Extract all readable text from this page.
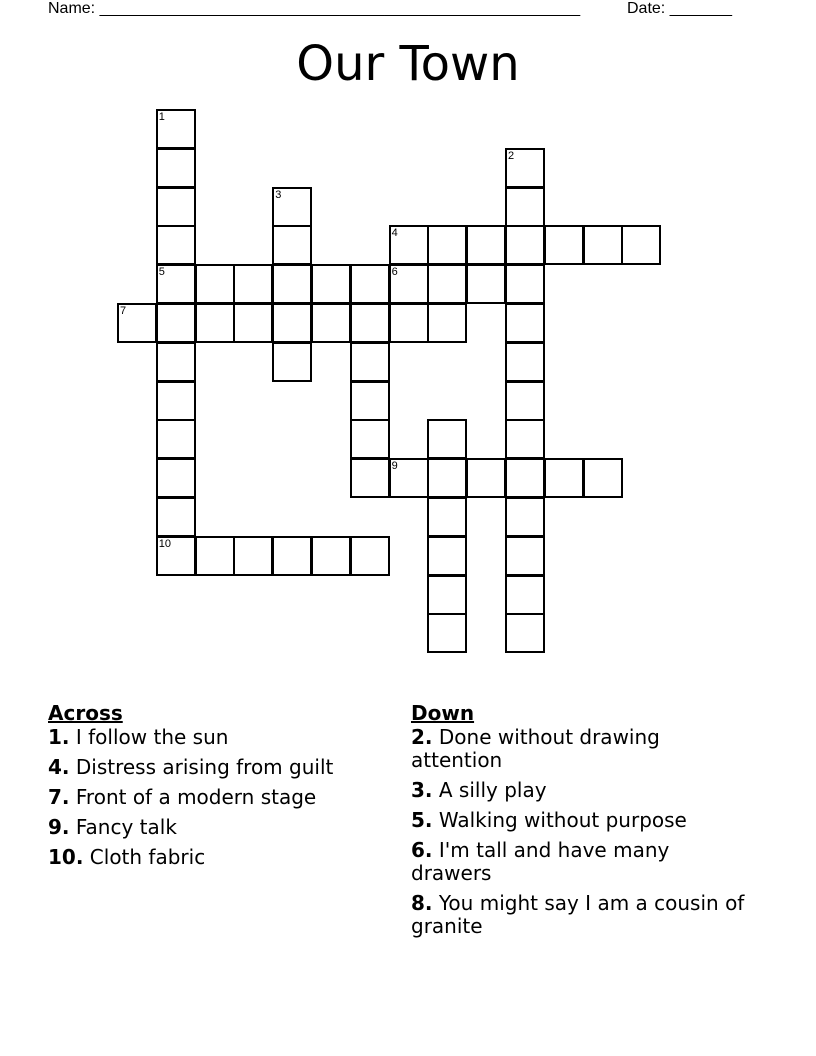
Name: ______________________________________________________	Date: _______
Our Town
1
5
2
3
4
6
10
7
9
Across
1. I follow the sun
4. Distress arising from guilt
7. Front of a modern stage
9. Fancy talk
10. Cloth fabric
Down
2. Done without drawing attention
3. A silly play
5. Walking without purpose
6. I'm tall and have many drawers
8. You might say I am a cousin of granite
